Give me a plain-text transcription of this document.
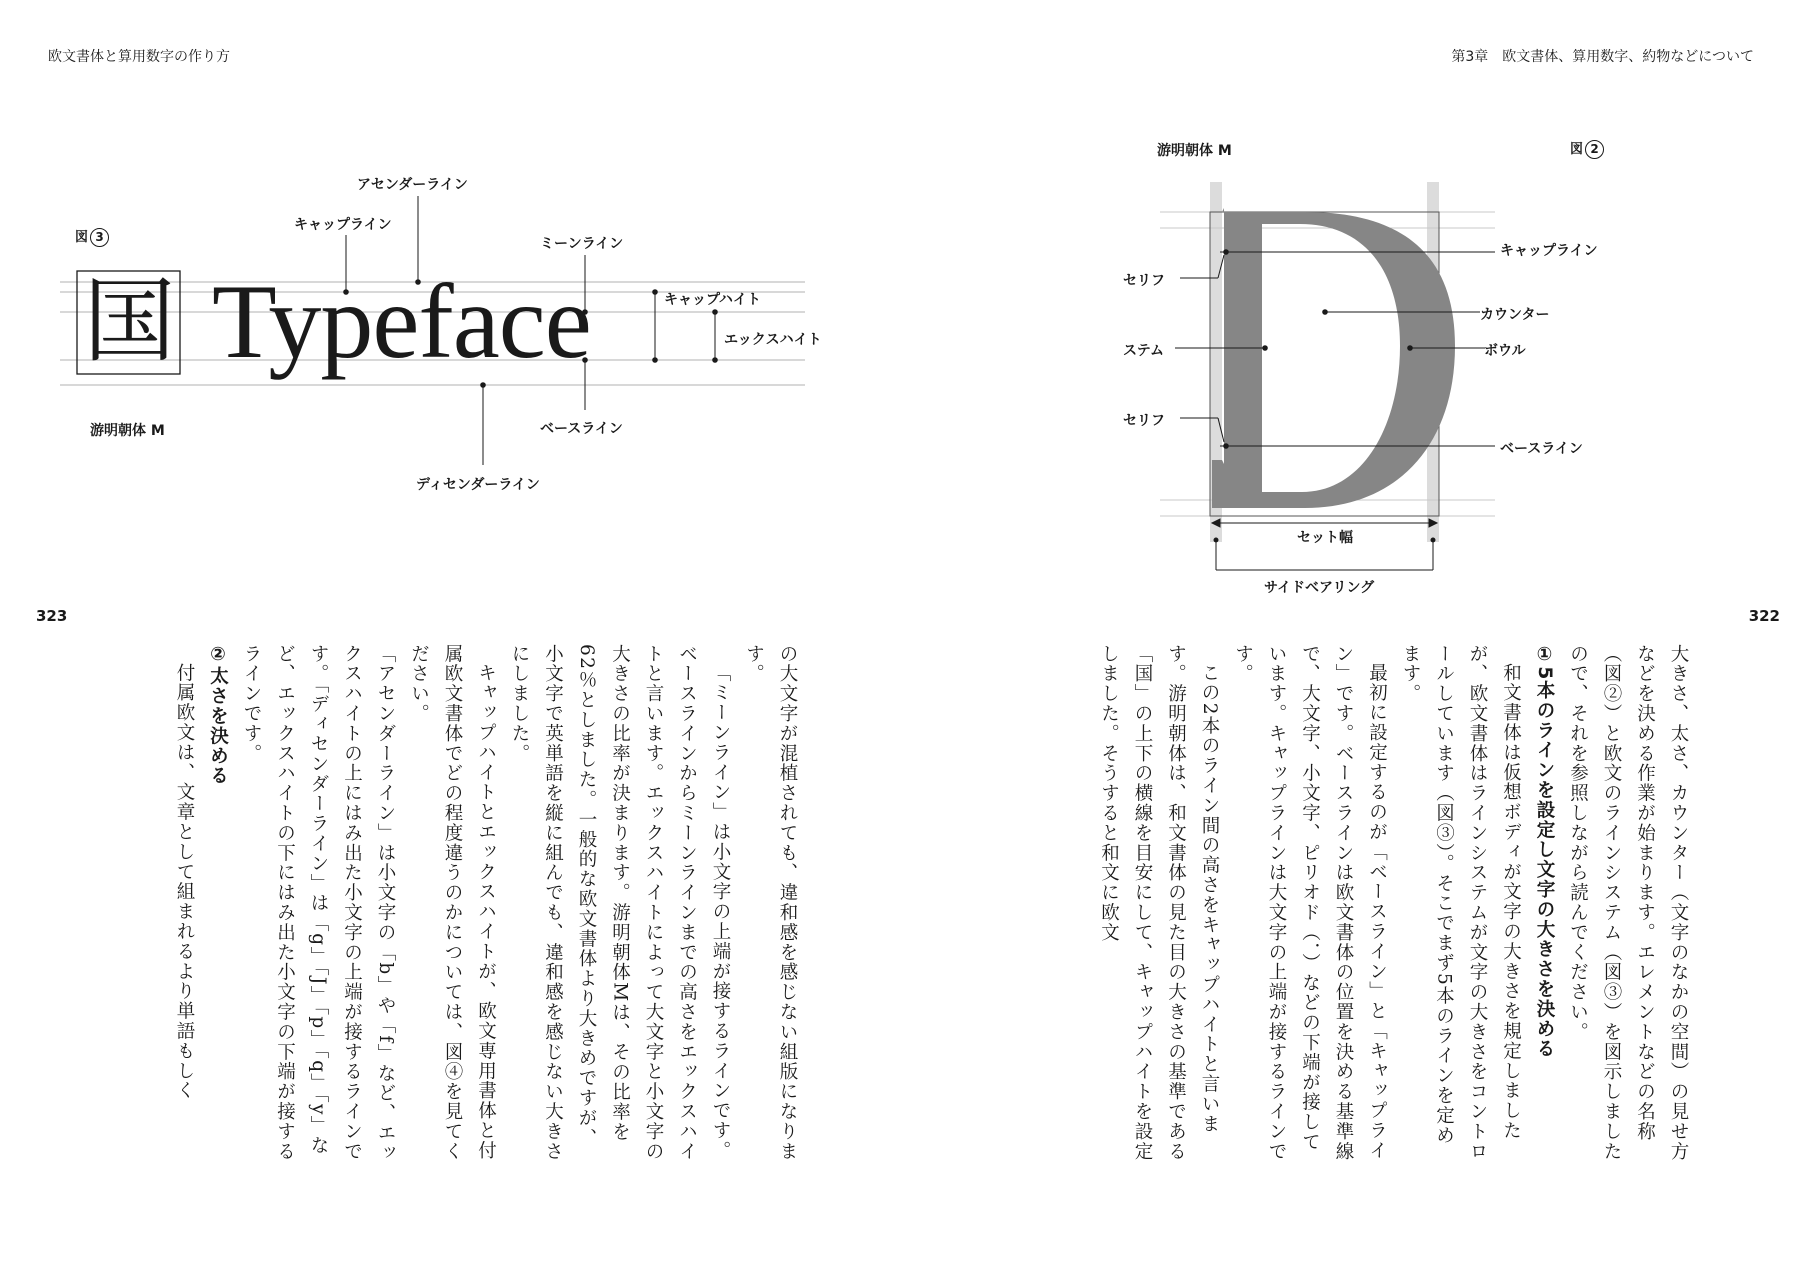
欧文書体と算用数字の作り方	第3章　欧文書体、算用数字、約物などについて
323	322
図 3
国 Typeface
アセンダーライン
キャップライン
ミーンライン
キャップハイト
エックスハイト
ベースライン
ディセンダーライン
游明朝体 M
游明朝体 M	図 2
キャップライン
セリフ
カウンター
ステム	ボウル
セリフ
ベースライン
セット幅
サイドベアリング

の大文字が混植されても、違和感を感じない組版になります。

「ミーンライン」は小文字の上端が接するラインです。ベースラインからミーンラインまでの高さをエックスハイトと言います。エックスハイトによって大文字と小文字の大きさの比率が決まります。游明朝体Mは、その比率を62％としました。一般的な欧文書体より大きめですが、小文字で英単語を縦に組んでも、違和感を感じない大きさにしました。

キャップハイトとエックスハイトが、欧文専用書体と付属欧文書体でどの程度違うのかについては、図④を見てください。

「アセンダーライン」は小文字の「b」や「f」など、エックスハイトの上にはみ出た小文字の上端が接するラインです。「ディセンダーライン」は「g」「J」「p」「q」「y」など、エックスハイトの下にはみ出た小文字の下端が接するラインです。

②太さを決める

付属欧文は、文章として組まれるより単語もしく	大きさ、太さ、カウンター（文字のなかの空間）の見せ方などを決める作業が始まります。エレメントなどの名称（図②）と欧文のラインシステム（図③）を図示しましたので、それを参照しながら読んでください。

①5本のラインを設定し文字の大きさを決める

和文書体は仮想ボディが文字の大きさを規定しましたが、欧文書体はラインシステムが文字の大きさをコントロールしています（図③）。そこでまず5本のラインを定めます。

最初に設定するのが「ベースライン」と「キャップライン」です。ベースラインは欧文書体の位置を決める基準線で、大文字、小文字、ピリオド（．）などの下端が接しています。キャップラインは大文字の上端が接するラインです。

この2本のライン間の高さをキャップハイトと言います。游明朝体は、和文書体の見た目の大きさの基準である「国」の上下の横線を目安にして、キャップハイトを設定しました。そうすると和文に欧文
